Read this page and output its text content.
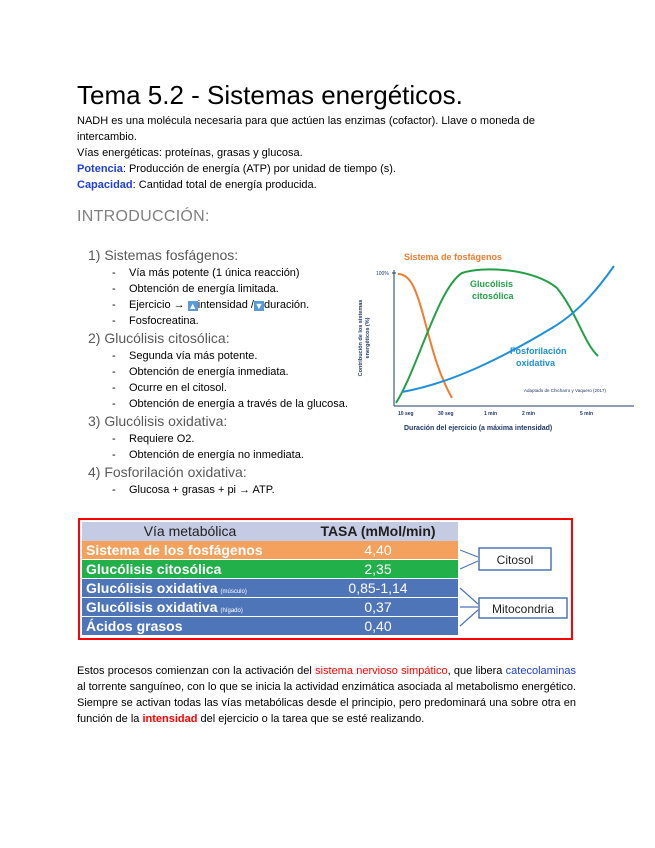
Tema 5.2 - Sistemas energéticos.
NADH es una molécula necesaria para que actúen las enzimas (cofactor). Llave o moneda de intercambio.
Vías energéticas: proteínas, grasas y glucosa.
Potencia: Producción de energía (ATP) por unidad de tiempo (s).
Capacidad: Cantidad total de energía producida.
INTRODUCCIÓN:
1) Sistemas fosfágenos:
- Vía más potente (1 única reacción)
- Obtención de energía limitada.
- Ejercicio → ▲intensidad /▼duración.
- Fosfocreatina.
2) Glucólisis citosólica:
- Segunda vía más potente.
- Obtención de energía inmediata.
- Ocurre en el citosol.
- Obtención de energía a través de la glucosa.
3) Glucólisis oxidativa:
- Requiere O2.
- Obtención de energía no inmediata.
4) Fosforilación oxidativa:
- Glucosa + grasas + pi → ATP.
Sistema de fosfágenos
Contribución de los sistemas energéticos (%)
100%
Glucólisis
citosólica
Fosforilación
oxidativa
Adaptado de Chicharro y Vaquero (2017)
10 seg	30 seg	1 min	2 min	5 min
Duración del ejercicio (a máxima intensidad)
Vía metabólica	TASA (mMol/min)
Sistema de los fosfágenos	4,40
Glucólisis citosólica	2,35
Glucólisis oxidativa (músculo)	0,85-1,14
Glucólisis oxidativa (hígado)	0,37
Ácidos grasos	0,40
Citosol
Mitocondria
Estos procesos comienzan con la activación del sistema nervioso simpático, que libera catecolaminas al torrente sanguíneo, con lo que se inicia la actividad enzimática asociada al metabolismo energético. Siempre se activan todas las vías metabólicas desde el principio, pero predominará una sobre otra en función de la intensidad del ejercicio o la tarea que se esté realizando.
